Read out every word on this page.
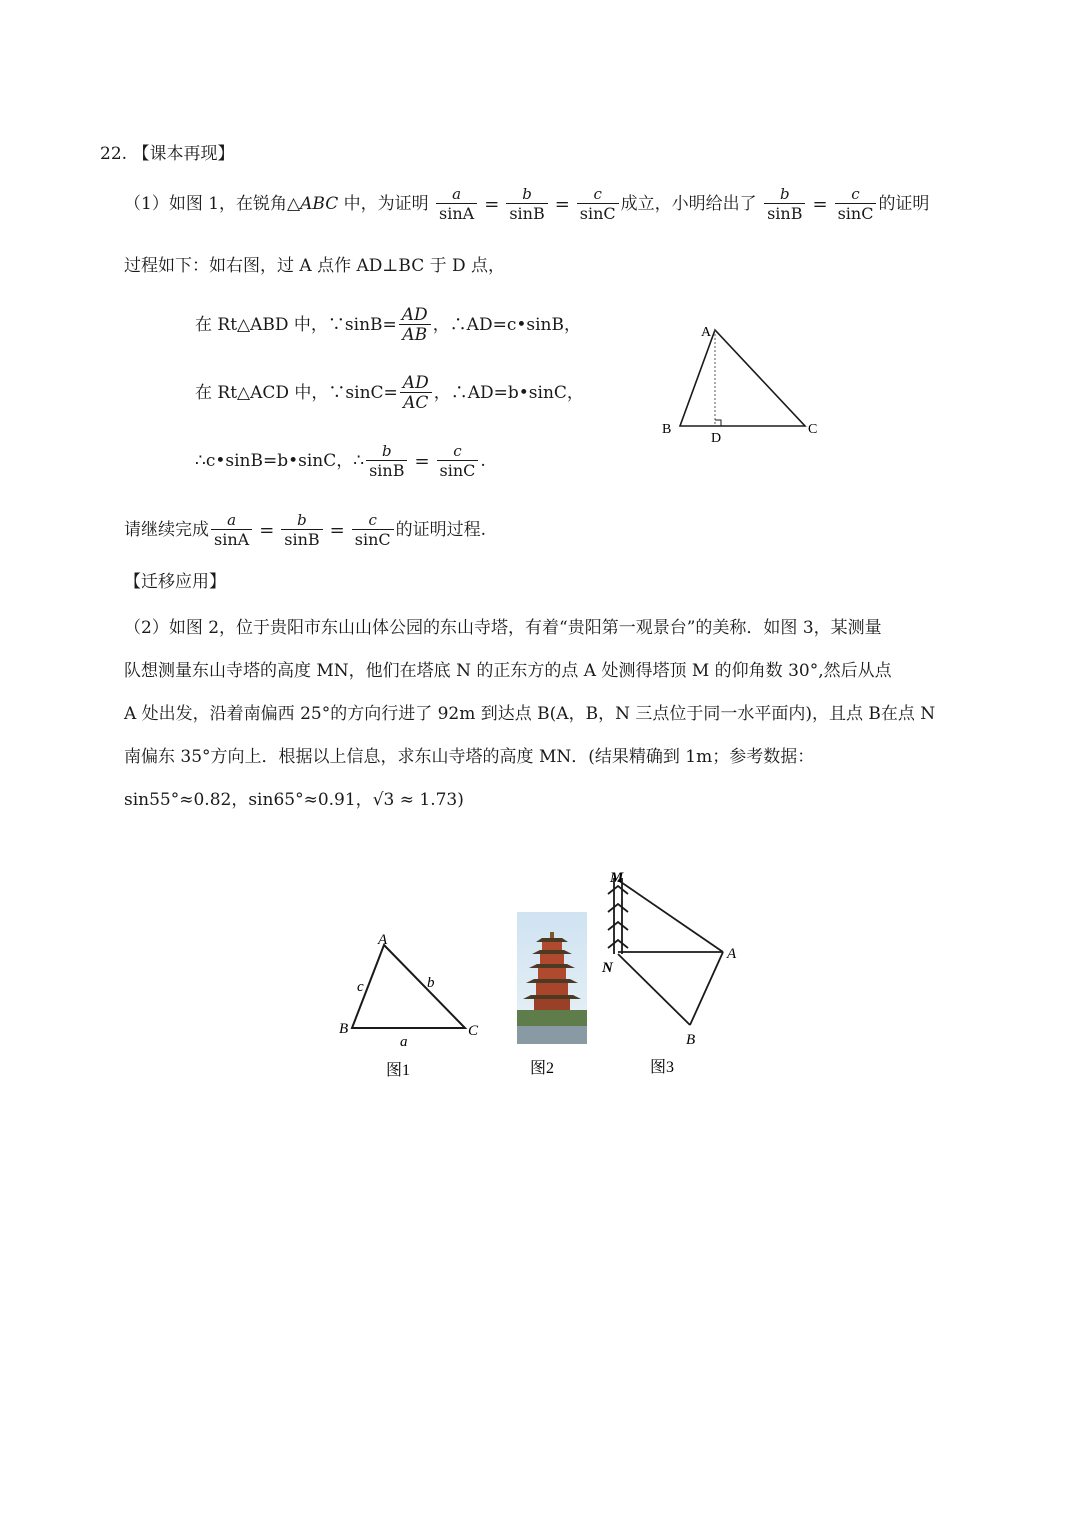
22. 【课本再现】
（1）如图 1，在锐角△ABC 中，为证明 $\frac{a}{\sin A} = \frac{b}{\sin B} = \frac{c}{\sin C}$ 成立，小明给出了 $\frac{b}{\sin B} = \frac{c}{\sin C}$ 的证明
过程如下：如右图，过 A 点作 AD⊥BC 于 D 点，
在 Rt△ABD 中，∵sinB= $\frac{AD}{AB}$ ，∴AD=c•sinB，
在 Rt△ACD 中，∵sinC= $\frac{AD}{AC}$ ，∴AD=b•sinC，
∴c•sinB=b•sinC，∴ $\frac{b}{\sin B} = \frac{c}{\sin C}$ .
请继续完成 $\frac{a}{\sin A} = \frac{b}{\sin B} = \frac{c}{\sin C}$ 的证明过程.
A
B	C
D
【迁移应用】
（2）如图 2，位于贵阳市东山山体公园的东山寺塔，有着“贵阳第一观景台”的美称．如图 3，某测量
队想测量东山寺塔的高度 MN，他们在塔底 N 的正东方的点 A 处测得塔顶 M 的仰角数 30°,然后从点
A 处出发，沿着南偏西 25°的方向行进了 92m 到达点 B(A，B，N 三点位于同一水平面内)，且点 B在点 N
南偏东 35°方向上．根据以上信息，求东山寺塔的高度 MN．(结果精确到 1m；参考数据：
sin55°≈0.82，sin65°≈0.91，√3 ≈ 1.73)
A
B	C
c	b
a
图1	图2
M
N
A
B
图3
